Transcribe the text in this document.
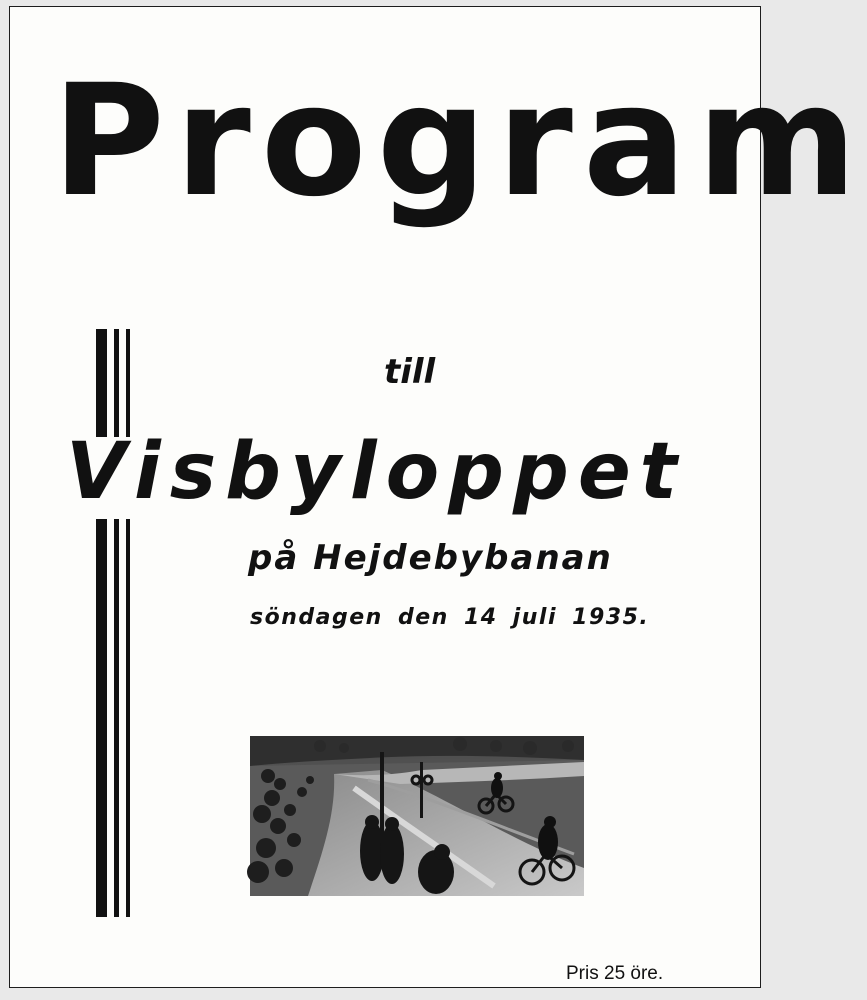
Program
till
Visbyloppet
på Hejdebybanan
söndagen den 14 juli 1935.
Pris 25 öre.
